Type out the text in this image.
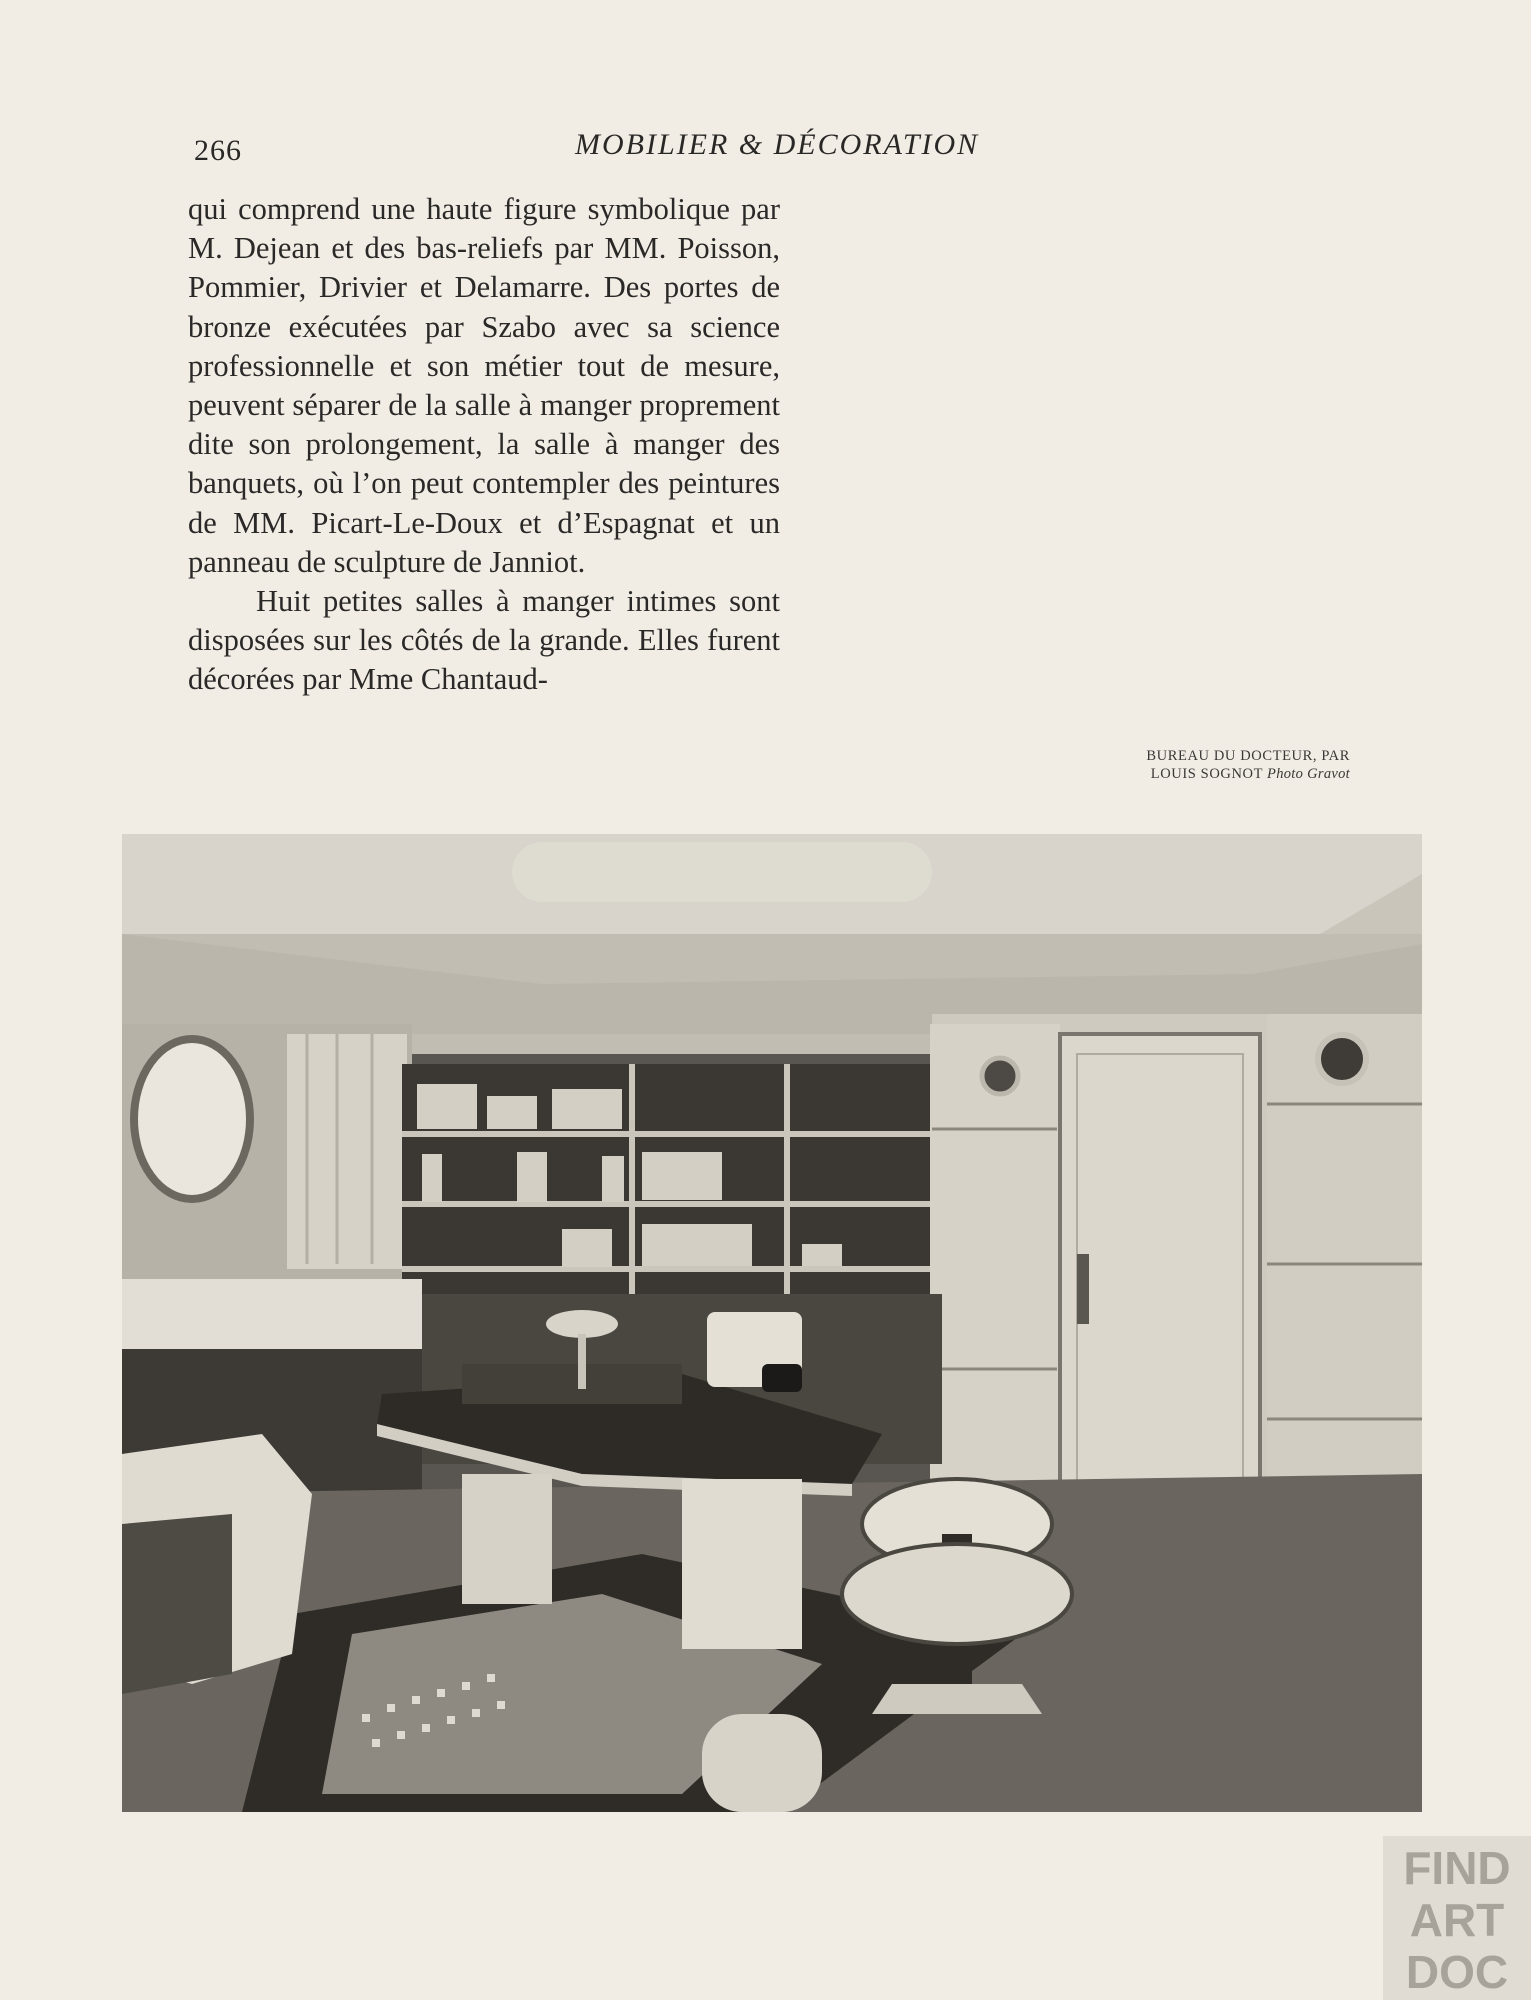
266	MOBILIER & DÉCORATION

qui comprend une haute figure symbolique par M. Dejean et des bas-reliefs par MM. Poisson, Pommier, Drivier et Delamarre. Des portes de bronze exécutées par Szabo avec sa science professionnelle et son métier tout de mesure, peuvent séparer de la salle à manger proprement dite son prolongement, la salle à manger des banquets, où l’on peut contempler des peintures de MM. Picart-Le-Doux et d’Espagnat et un panneau de sculpture de Janniot.

Huit petites salles à manger intimes sont disposées sur les côtés de la grande. Elles furent décorées par Mme Chantaud-

BUREAU DU DOCTEUR, PAR
LOUIS SOGNOT Photo Gravot
FIND
ART
DOC
